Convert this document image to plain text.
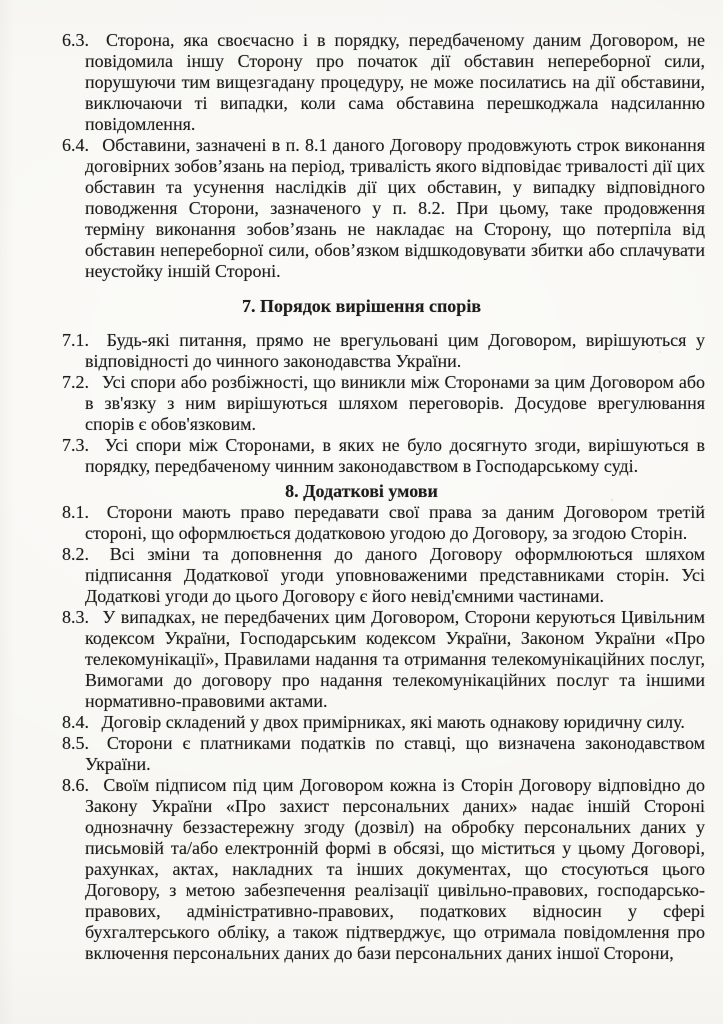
6.3. Сторона, яка своєчасно і в порядку, передбаченому даним Договором, не повідомила іншу Сторону про початок дії обставин непереборної сили, порушуючи тим вищезгадану процедуру, не може посилатись на дії обставини, виключаючи ті випадки, коли сама обставина перешкоджала надсиланню повідомлення.

6.4. Обставини, зазначені в п. 8.1 даного Договору продовжують строк виконання договірних зобов’язань на період, тривалість якого відповідає тривалості дії цих обставин та усунення наслідків дії цих обставин, у випадку відповідного поводження Сторони, зазначеного у п. 8.2. При цьому, таке продовження терміну виконання зобов’язань не накладає на Сторону, що потерпіла від обставин непереборної сили, обов’язком відшкодовувати збитки або сплачувати неустойку іншій Стороні.

7. Порядок вирішення спорів

7.1. Будь-які питання, прямо не врегульовані цим Договором, вирішуються у відповідності до чинного законодавства України.

7.2. Усі спори або розбіжності, що виникли між Сторонами за цим Договором або в зв'язку з ним вирішуються шляхом переговорів. Досудове врегулювання спорів є обов'язковим.

7.3. Усі спори між Сторонами, в яких не було досягнуто згоди, вирішуються в порядку, передбаченому чинним законодавством в Господарському суді.

8. Додаткові умови

8.1. Сторони мають право передавати свої права за даним Договором третій стороні, що оформлюється додатковою угодою до Договору, за згодою Сторін.

8.2. Всі зміни та доповнення до даного Договору оформлюються шляхом підписання Додаткової угоди уповноваженими представниками сторін. Усі Додаткові угоди до цього Договору є його невід'ємними частинами.

8.3. У випадках, не передбачених цим Договором, Сторони керуються Цивільним кодексом України, Господарським кодексом України, Законом України «Про телекомунікації», Правилами надання та отримання телекомунікаційних послуг, Вимогами до договору про надання телекомунікаційних послуг та іншими нормативно-правовими актами.

8.4. Договір складений у двох примірниках, які мають однакову юридичну силу.

8.5. Сторони є платниками податків по ставці, що визначена законодавством України.

8.6. Своїм підписом під цим Договором кожна із Сторін Договору відповідно до Закону України «Про захист персональних даних» надає іншій Стороні однозначну беззастережну згоду (дозвіл) на обробку персональних даних у письмовій та/або електронній формі в обсязі, що міститься у цьому Договорі, рахунках, актах, накладних та інших документах, що стосуються цього Договору, з метою забезпечення реалізації цивільно-правових, господарсько-правових, адміністративно-правових, податкових відносин у сфері бухгалтерського обліку, а також підтверджує, що отримала повідомлення про включення персональних даних до бази персональних даних іншої Сторони,
